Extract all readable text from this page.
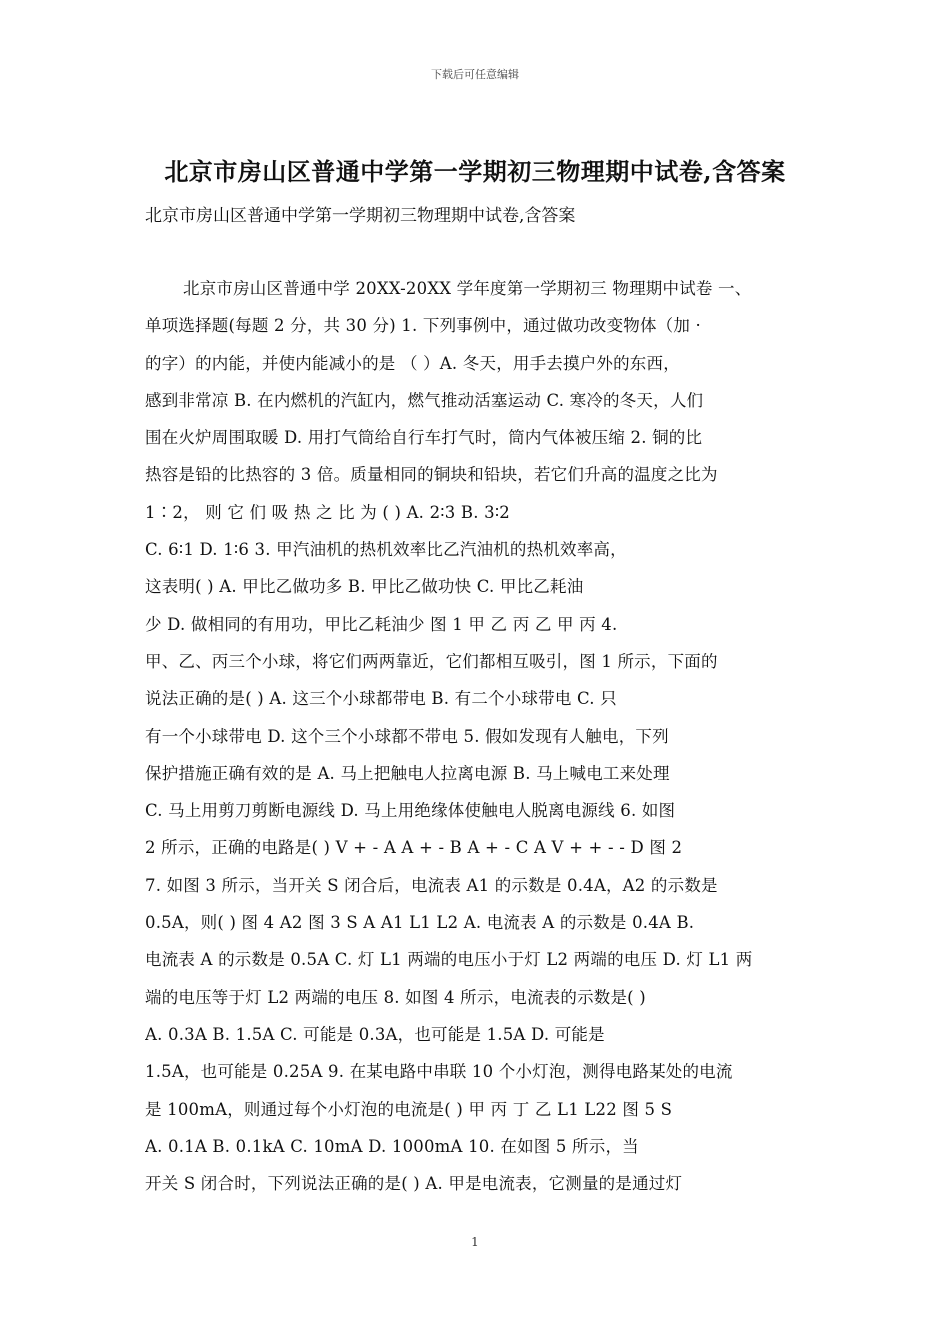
下载后可任意编辑
北京市房山区普通中学第一学期初三物理期中试卷,含答案
北京市房山区普通中学第一学期初三物理期中试卷,含答案
北京市房山区普通中学 20XX-20XX 学年度第一学期初三 物理期中试卷 一、
单项选择题(每题 2 分，共 30 分) 1. 下列事例中，通过做功改变物体（加 ·
的字）的内能，并使内能减小的是 （ ）A. 冬天，用手去摸户外的东西，
感到非常凉 B. 在内燃机的汽缸内，燃气推动活塞运动 C. 寒冷的冬天，人们
围在火炉周围取暖 D. 用打气筒给自行车打气时，筒内气体被压缩 2. 铜的比
热容是铅的比热容的 3 倍。质量相同的铜块和铅块，若它们升高的温度之比为
1∶2， 则 它 们 吸 热 之 比 为 ( ) A. 2∶3 B. 3∶2
C. 6∶1 D. 1∶6 3. 甲汽油机的热机效率比乙汽油机的热机效率高，
这表明( ) A. 甲比乙做功多 B. 甲比乙做功快 C. 甲比乙耗油
少 D. 做相同的有用功，甲比乙耗油少 图 1 甲 乙 丙 乙 甲 丙 4.
甲、乙、丙三个小球，将它们两两靠近，它们都相互吸引，图 1 所示，下面的
说法正确的是( ) A. 这三个小球都带电 B. 有二个小球带电 C. 只
有一个小球带电 D. 这个三个小球都不带电 5. 假如发现有人触电，下列
保护措施正确有效的是 A. 马上把触电人拉离电源 B. 马上喊电工来处理
C. 马上用剪刀剪断电源线 D. 马上用绝缘体使触电人脱离电源线 6. 如图
2 所示，正确的电路是( ) V + - A A + - B A + - C A V + + - - D 图 2
7. 如图 3 所示，当开关 S 闭合后，电流表 A1 的示数是 0.4A，A2 的示数是
0.5A，则( ) 图 4 A2 图 3 S A A1 L1 L2 A. 电流表 A 的示数是 0.4A B.
电流表 A 的示数是 0.5A C. 灯 L1 两端的电压小于灯 L2 两端的电压 D. 灯 L1 两
端的电压等于灯 L2 两端的电压 8. 如图 4 所示，电流表的示数是( )
A. 0.3A B. 1.5A C. 可能是 0.3A，也可能是 1.5A D. 可能是
1.5A，也可能是 0.25A 9. 在某电路中串联 10 个小灯泡，测得电路某处的电流
是 100mA，则通过每个小灯泡的电流是( ) 甲 丙 丁 乙 L1 L22 图 5 S
A. 0.1A B. 0.1kA C. 10mA D. 1000mA 10. 在如图 5 所示，当
开关 S 闭合时，下列说法正确的是( ) A. 甲是电流表，它测量的是通过灯
1
